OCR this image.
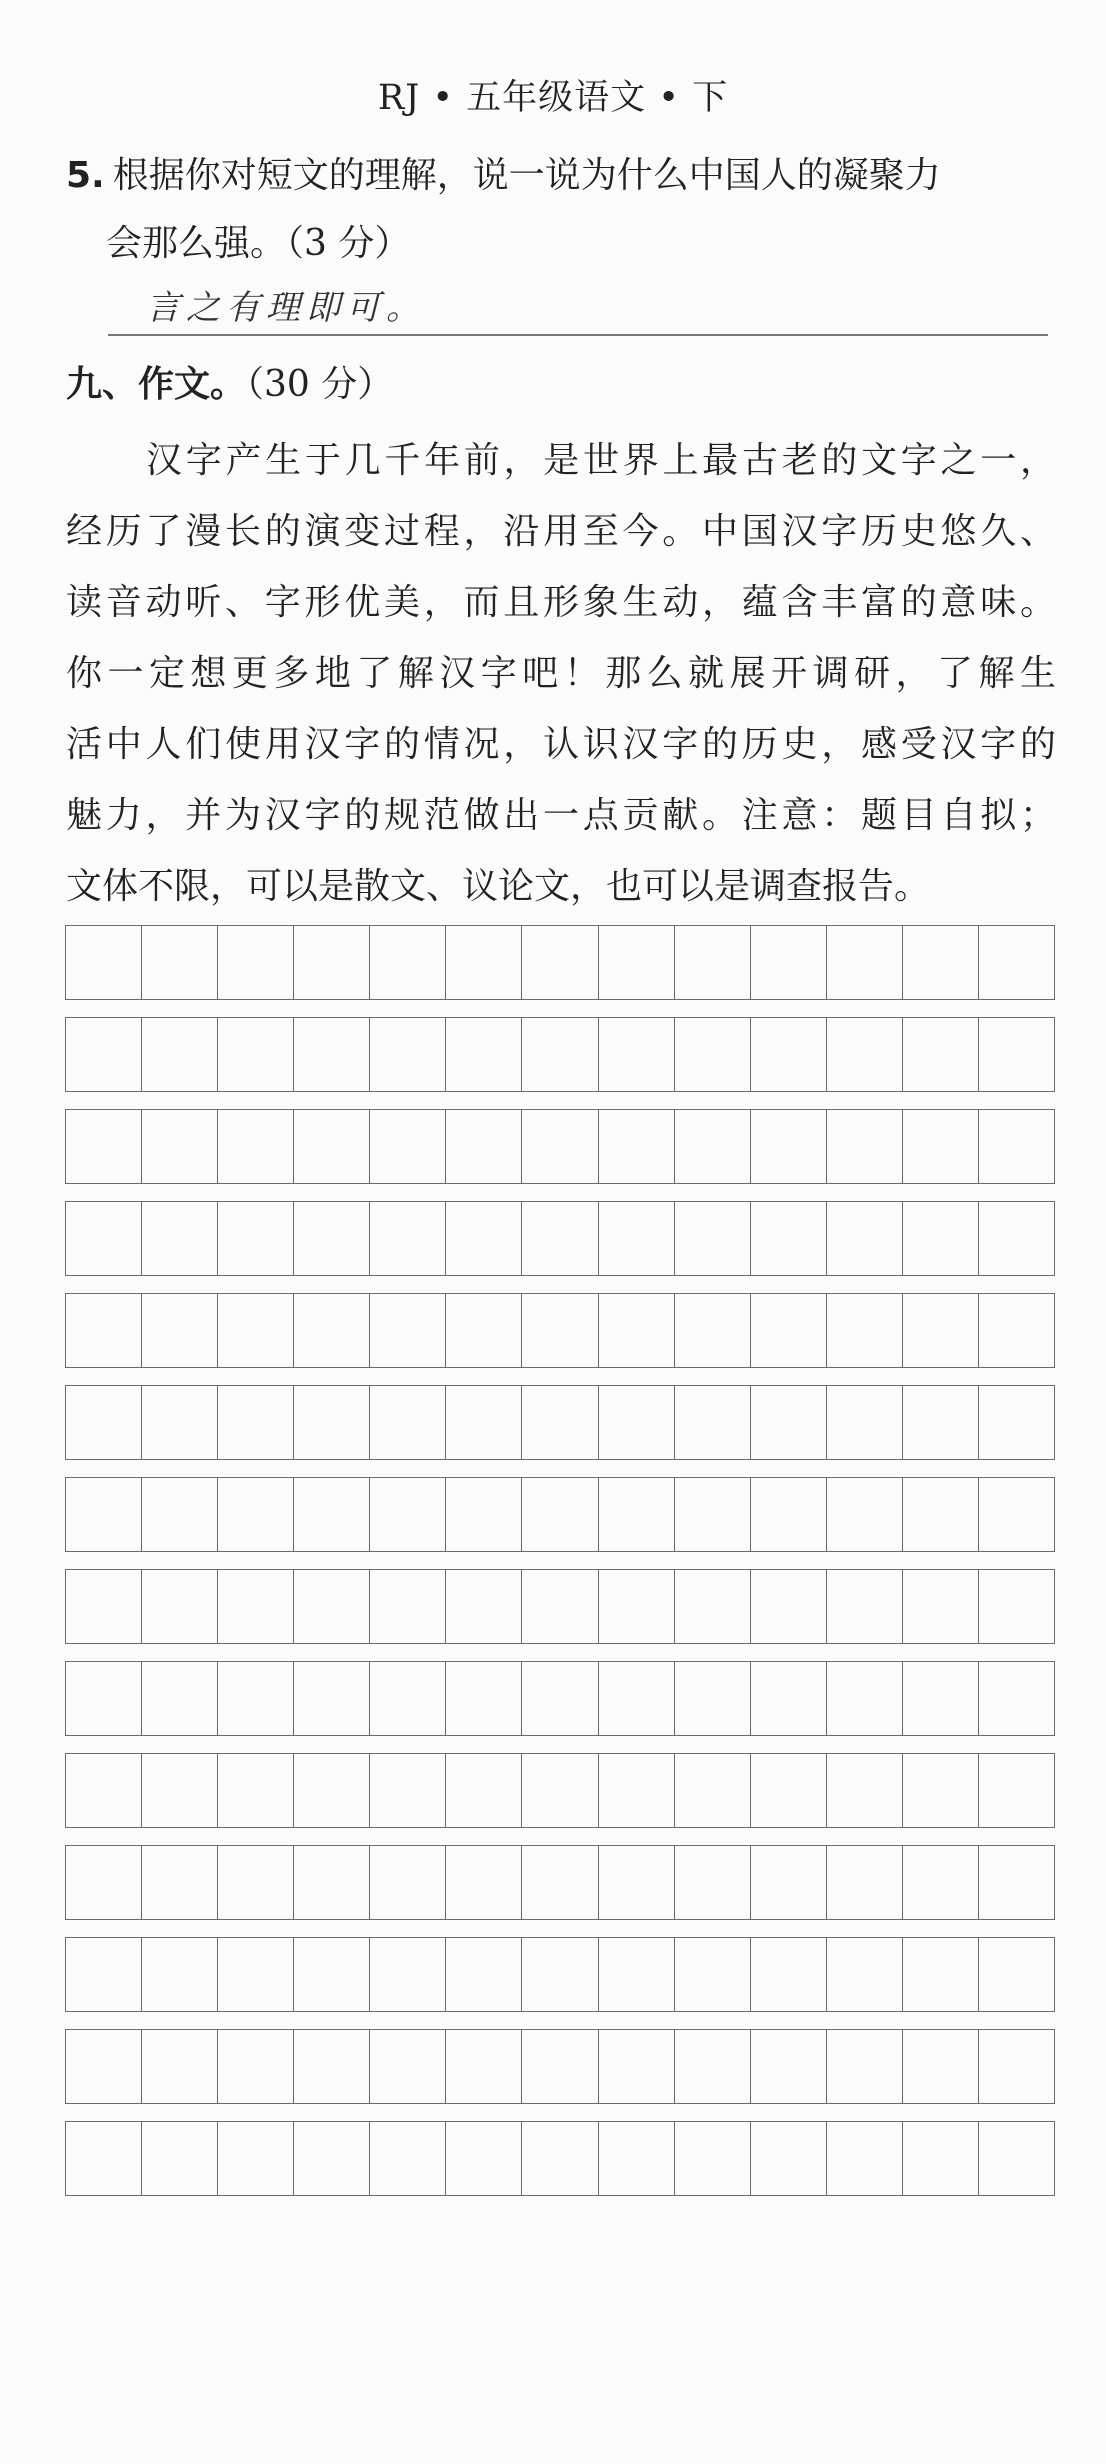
RJ • 五年级语文 • 下
5. 根据你对短文的理解，说一说为什么中国人的凝聚力
会那么强。（3 分）
言之有理即可。
九、作文。（30 分）
汉字产生于几千年前，是世界上最古老的文字之一，
经历了漫长的演变过程，沿用至今。中国汉字历史悠久、
读音动听、字形优美，而且形象生动，蕴含丰富的意味。
你一定想更多地了解汉字吧！那么就展开调研，了解生
活中人们使用汉字的情况，认识汉字的历史，感受汉字的
魅力，并为汉字的规范做出一点贡献。注意：题目自拟；
文体不限，可以是散文、议论文，也可以是调查报告。
